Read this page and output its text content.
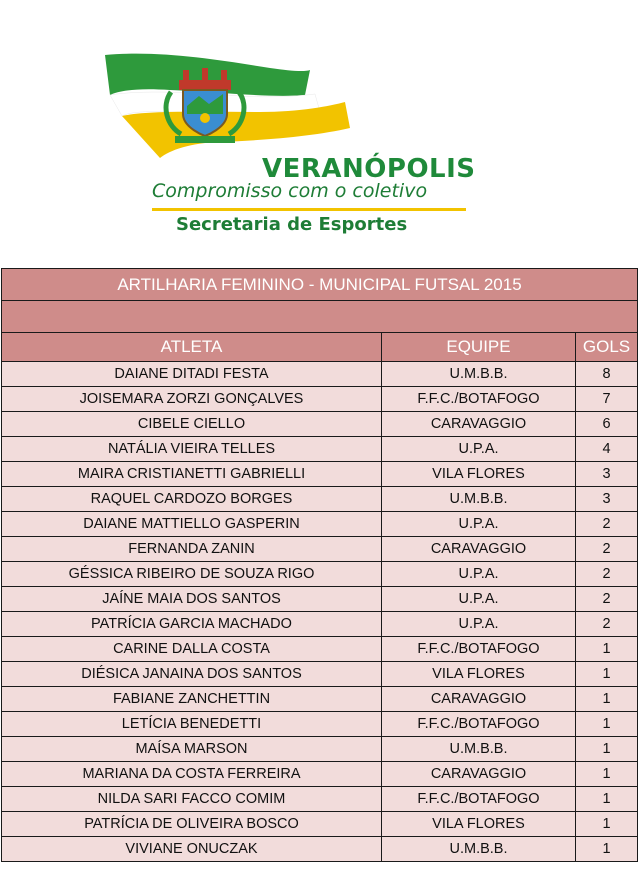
VERANÓPOLIS
Compromisso com o coletivo
Secretaria de Esportes
ARTILHARIA FEMININO - MUNICIPAL FUTSAL 2015		

ATLETA	EQUIPE	GOLS
DAIANE DITADI FESTA	U.M.B.B.	8
JOISEMARA ZORZI GONÇALVES	F.F.C./BOTAFOGO	7
CIBELE CIELLO	CARAVAGGIO	6
NATÁLIA VIEIRA TELLES	U.P.A.	4
MAIRA CRISTIANETTI GABRIELLI	VILA FLORES	3
RAQUEL CARDOZO BORGES	U.M.B.B.	3
DAIANE MATTIELLO GASPERIN	U.P.A.	2
FERNANDA ZANIN	CARAVAGGIO	2
GÉSSICA RIBEIRO DE SOUZA RIGO	U.P.A.	2
JAÍNE MAIA DOS SANTOS	U.P.A.	2
PATRÍCIA GARCIA MACHADO	U.P.A.	2
CARINE DALLA COSTA	F.F.C./BOTAFOGO	1
DIÉSICA JANAINA DOS SANTOS	VILA FLORES	1
FABIANE ZANCHETTIN	CARAVAGGIO	1
LETÍCIA BENEDETTI	F.F.C./BOTAFOGO	1
MAÍSA MARSON	U.M.B.B.	1
MARIANA DA COSTA FERREIRA	CARAVAGGIO	1
NILDA SARI FACCO COMIM	F.F.C./BOTAFOGO	1
PATRÍCIA DE OLIVEIRA BOSCO	VILA FLORES	1
VIVIANE ONUCZAK	U.M.B.B.	1
